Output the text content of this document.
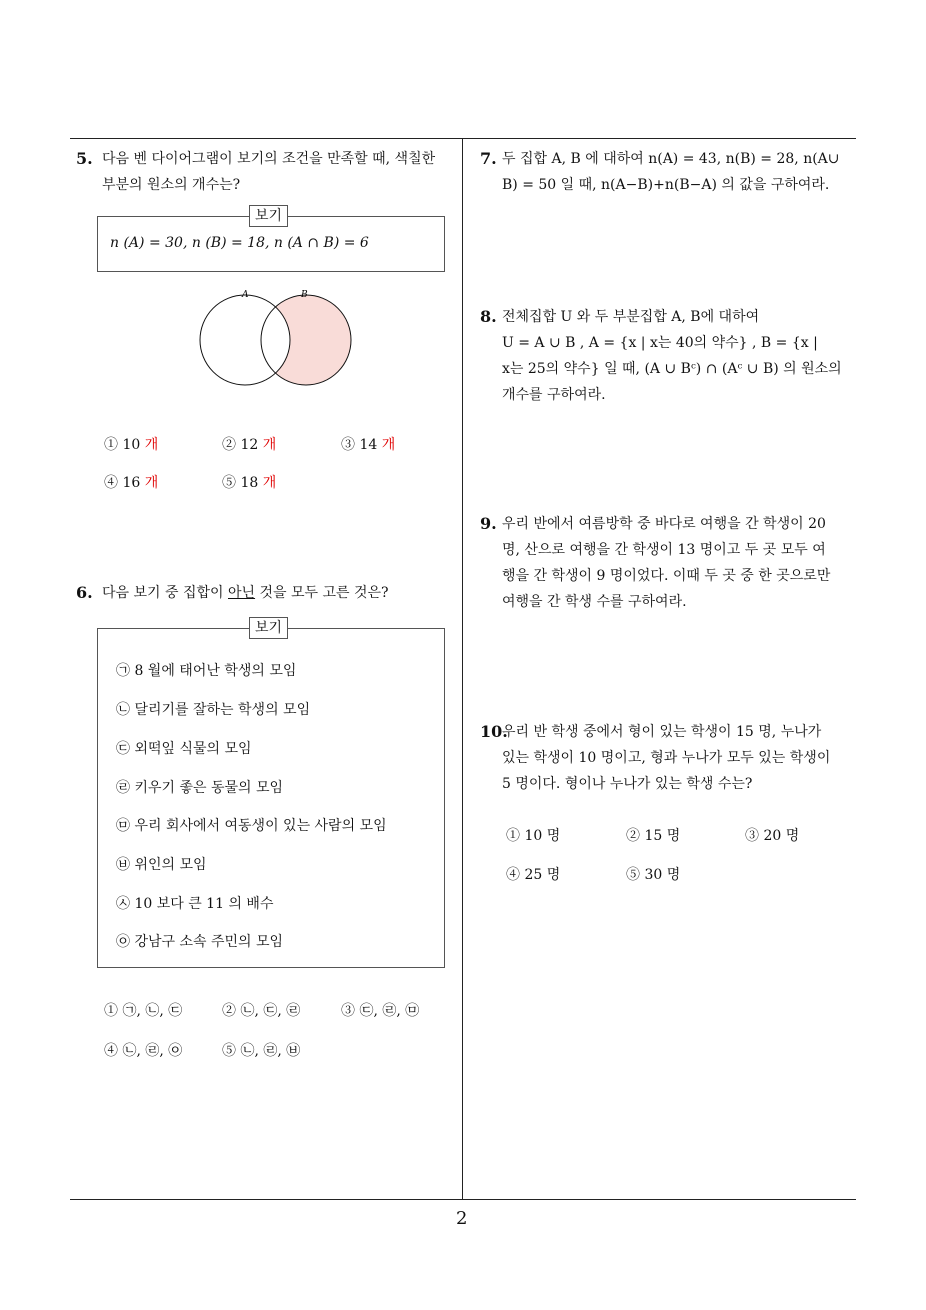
2
5. 다음 벤 다이어그램이 보기의 조건을 만족할 때, 색칠한
부분의 원소의 개수는?
보기
n (A) = 30, n (B) = 18, n (A ∩ B) = 6
A	B
① 10 개	② 12 개	③ 14 개
④ 16 개	⑤ 18 개
6. 다음 보기 중 집합이 아닌 것을 모두 고른 것은?
보기
㉠ 8 월에 태어난 학생의 모임
㉡ 달리기를 잘하는 학생의 모임
㉢ 외떡잎 식물의 모임
㉣ 키우기 좋은 동물의 모임
㉤ 우리 회사에서 여동생이 있는 사람의 모임
㉥ 위인의 모임
㉦ 10 보다 큰 11 의 배수
㉧ 강남구 소속 주민의 모임
① ㉠, ㉡, ㉢	② ㉡, ㉢, ㉣	③ ㉢, ㉣, ㉤
④ ㉡, ㉣, ㉧	⑤ ㉡, ㉣, ㉥
7. 두 집합 A, B 에 대하여 n(A) = 43, n(B) = 28, n(A∪
B) = 50 일 때, n(A−B)+n(B−A) 의 값을 구하여라.
8. 전체집합 U 와 두 부분집합 A, B에 대하여
U = A ∪ B , A = {x | x는 40의 약수} , B = {x |
x는 25의 약수} 일 때, (A ∪ Bᶜ) ∩ (Aᶜ ∪ B) 의 원소의
개수를 구하여라.
9. 우리 반에서 여름방학 중 바다로 여행을 간 학생이 20
명, 산으로 여행을 간 학생이 13 명이고 두 곳 모두 여
행을 간 학생이 9 명이었다. 이때 두 곳 중 한 곳으로만
여행을 간 학생 수를 구하여라.
10.
우리 반 학생 중에서 형이 있는 학생이 15 명, 누나가
있는 학생이 10 명이고, 형과 누나가 모두 있는 학생이
5 명이다. 형이나 누나가 있는 학생 수는?
① 10 명	② 15 명	③ 20 명
④ 25 명	⑤ 30 명
